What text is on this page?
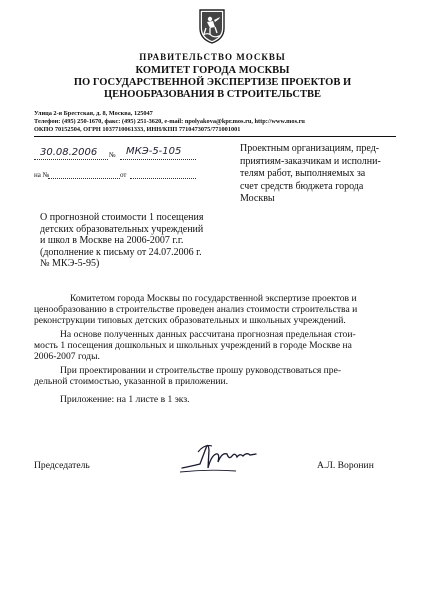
ПРАВИТЕЛЬСТВО МОСКВЫ
КОМИТЕТ ГОРОДА МОСКВЫ
ПО ГОСУДАРСТВЕННОЙ ЭКСПЕРТИЗЕ ПРОЕКТОВ И
ЦЕНООБРАЗОВАНИЯ В СТРОИТЕЛЬСТВЕ
Улица 2-я Брестская, д. 8, Москва, 125047
Телефон: (495) 250-1670, факс: (495) 251-3620, e-mail: npolyakova@kpr.mos.ru, http://www.mos.ru
ОКПО 70152504, ОГРН 1037710061333, ИНН/КПП 7710473075/771001001
30.08.2006 № МКЭ-5-105
на №	от
Проектным организациям, пред-
приятиям-заказчикам и исполни-
телям работ, выполняемых за
счет средств бюджета города
Москвы
О прогнозной стоимости 1 посещения
детских образовательных учреждений
и школ в Москве на 2006-2007 г.г.
(дополнение к письму от 24.07.2006 г.
№ МКЭ-5-95)
Комитетом города Москвы по государственной экспертизе проектов и
ценообразованию в строительстве проведен анализ стоимости строительства и
реконструкции типовых детских образовательных и школьных учреждений.
На основе полученных данных рассчитана прогнозная предельная стои-
мость 1 посещения дошкольных и школьных учреждений в городе Москве на
2006-2007 годы.
При проектировании и строительстве прошу руководствоваться пре-
дельной стоимостью, указанной в приложении.
Приложение: на 1 листе в 1 экз.
Председатель	А.Л. Воронин
